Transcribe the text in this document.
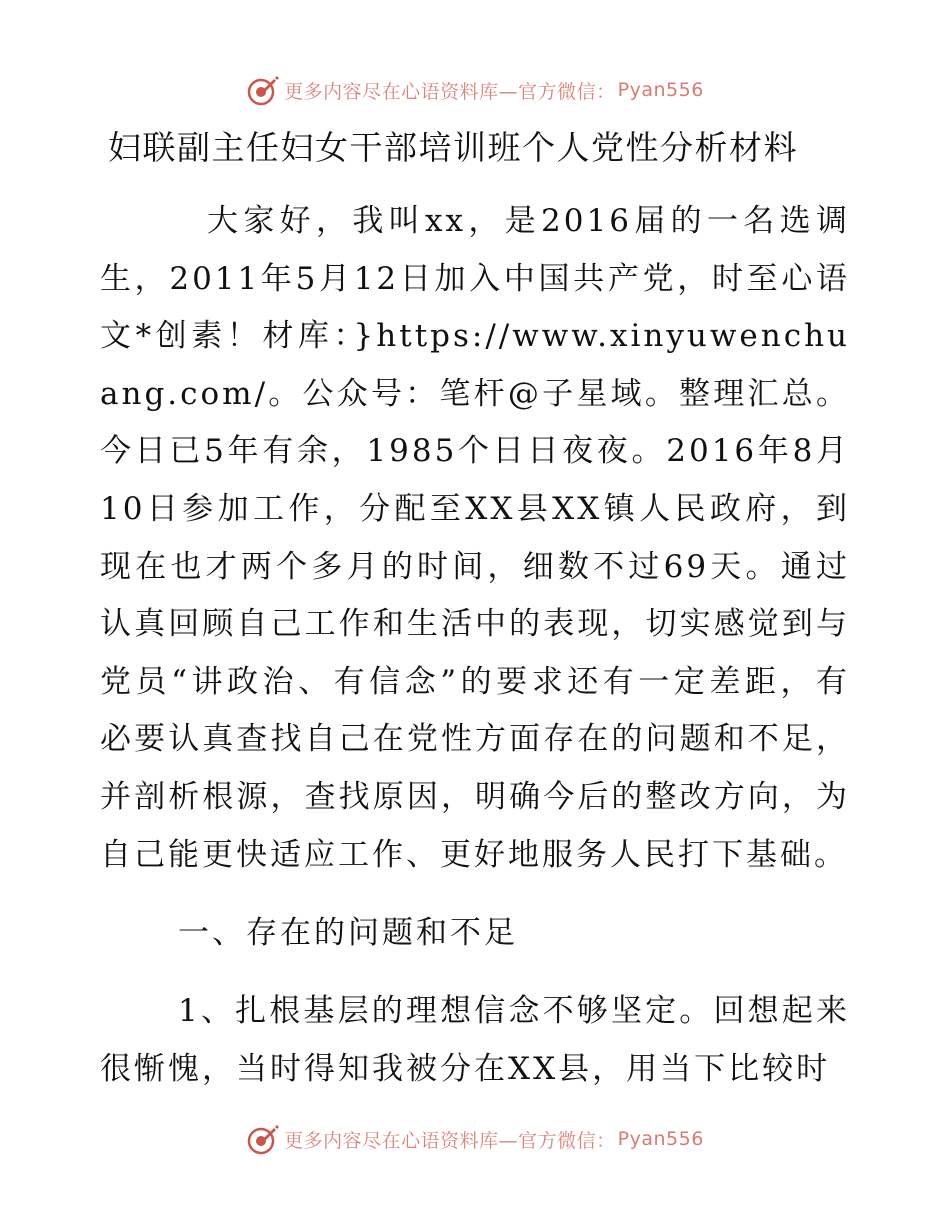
更多内容尽在心语资料库—官方微信： Pyan556
妇联副主任妇女干部培训班个人党性分析材料

大家好，我叫xx，是2016届的一名选调生，2011年5月12日加入中国共产党，时至心语文*创素！材库：}https://www.xinyuwenchuang.com/。公众号：笔杆@子星域。整理汇总。今日已5年有余，1985个日日夜夜。2016年8月10日参加工作，分配至XX县XX镇人民政府，到现在也才两个多月的时间，细数不过69天。通过认真回顾自己工作和生活中的表现，切实感觉到与党员“讲政治、有信念”的要求还有一定差距，有必要认真查找自己在党性方面存在的问题和不足，并剖析根源，查找原因，明确今后的整改方向，为自己能更快适应工作、更好地服务人民打下基础。

一、存在的问题和不足

1、扎根基层的理想信念不够坚定。回想起来很惭愧，当时得知我被分在XX县，用当下比较时

更多内容尽在心语资料库—官方微信： Pyan556
